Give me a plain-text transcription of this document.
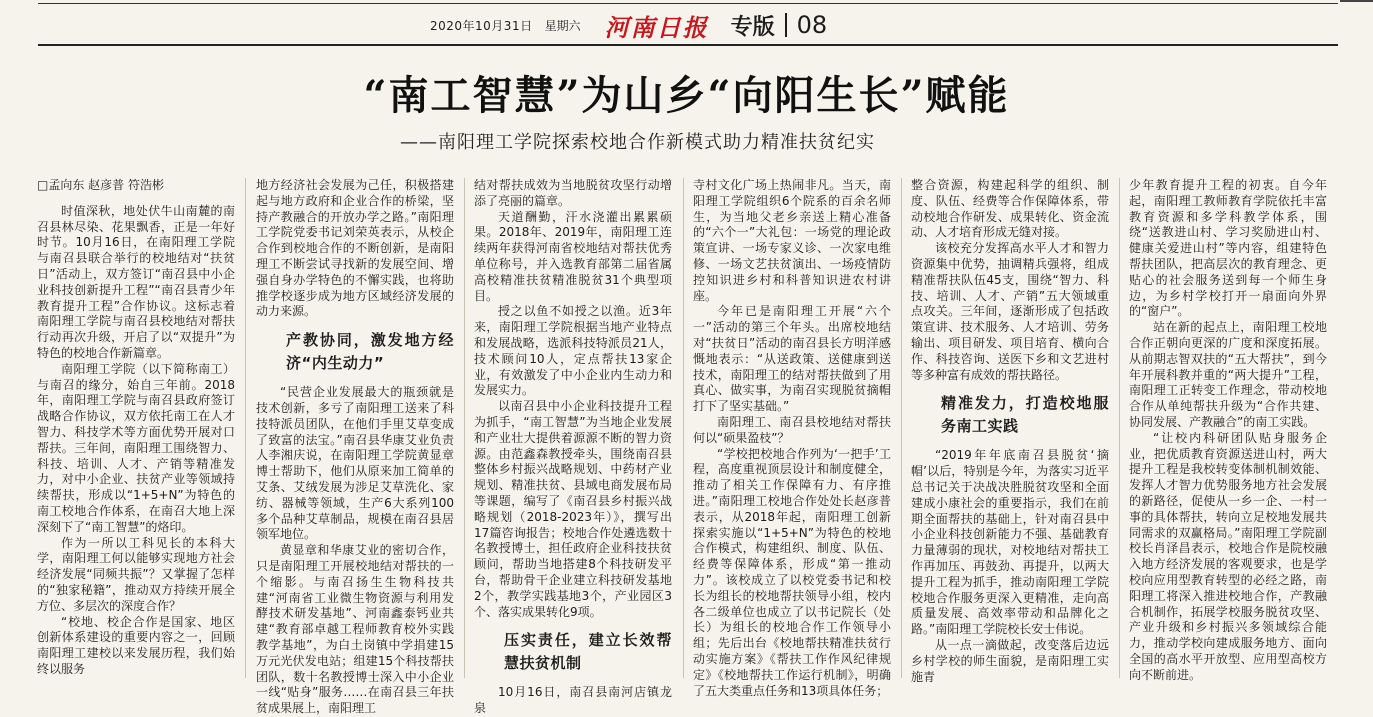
2020年10月31日 星期六 河南日报 专版 08
“南工智慧”为山乡“向阳生长”赋能
——南阳理工学院探索校地合作新模式助力精准扶贫纪实

□孟向东 赵彦普 符浩彬

时值深秋，地处伏牛山南麓的南召县林尽染、花果飘香，正是一年好时节。10月16日，在南阳理工学院与南召县联合举行的校地结对“扶贫日”活动上，双方签订“南召县中小企业科技创新提升工程”“南召县青少年教育提升工程”合作协议。这标志着南阳理工学院与南召县校地结对帮扶行动再次升级，开启了以“双提升”为特色的校地合作新篇章。

南阳理工学院（以下简称南工）与南召的缘分，始自三年前。2018年，南阳理工学院与南召县政府签订战略合作协议，双方依托南工在人才智力、科技学术等方面优势开展对口帮扶。三年间，南阳理工围绕智力、科技、培训、人才、产销等精准发力，对中小企业、扶贫产业等领域持续帮扶，形成以“1+5+N”为特色的南工校地合作体系，在南召大地上深深刻下了“南工智慧”的烙印。

作为一所以工科见长的本科大学，南阳理工何以能够实现地方社会经济发展“同频共振”？又掌握了怎样的“独家秘籍”，推动双方持续开展全方位、多层次的深度合作？

“校地、校企合作是国家、地区创新体系建设的重要内容之一，回顾南阳理工建校以来发展历程，我们始终以服务

地方经济社会发展为己任，积极搭建起与地方政府和企业合作的桥梁，坚持产教融合的开放办学之路。”南阳理工学院党委书记刘荣英表示，从校企合作到校地合作的不断创新，是南阳理工不断尝试寻找新的发展空间、增强自身办学特色的不懈实践，也将助推学校逐步成为地方区域经济发展的动力来源。

产教协同，激发地方经济“内生动力”

“民营企业发展最大的瓶颈就是技术创新，多亏了南阳理工送来了科技特派员团队，在他们手里艾草变成了致富的法宝。”南召县华康艾业负责人李湘庆说，在南阳理工学院黄显章博士帮助下，他们从原来加工简单的艾条、艾绒发展为涉足艾草洗化、家纺、器械等领域，生产6大系列100多个品种艾草制品，规模在南召县居领军地位。

黄显章和华康艾业的密切合作，只是南阳理工开展校地结对帮扶的一个缩影。与南召扬生生物科技共建“河南省工业微生物资源与利用发酵技术研发基地”、河南鑫泰钙业共建“教育部卓越工程师教育校外实践教学基地”，为白土岗镇中学捐建15万元光伏发电站；组建15个科技帮扶团队，数十名教授博士深入中小企业一线“贴身”服务……在南召县三年扶贫成果展上，南阳理工

结对帮扶成效为当地脱贫攻坚行动增添了亮丽的篇章。

天道酬勤，汗水浇灌出累累硕果。2018年、2019年，南阳理工连续两年获得河南省校地结对帮扶优秀单位称号，并入选教育部第二届省属高校精准扶贫精准脱贫31个典型项目。

授之以鱼不如授之以渔。近3年来，南阳理工学院根据当地产业特点和发展战略，选派科技特派员21人，技术顾问10人，定点帮扶13家企业，有效激发了中小企业内生动力和发展实力。

以南召县中小企业科技提升工程为抓手，“南工智慧”为当地企业发展和产业壮大提供着源源不断的智力资源。由范鑫森教授牵头，围绕南召县整体乡村振兴战略规划、中药材产业规划、精准扶贫、县域电商发展布局等课题，编写了《南召县乡村振兴战略规划（2018-2023年）》，撰写出17篇咨询报告；校地合作处遴选数十名教授博士，担任政府企业科技扶贫顾问，帮助当地搭建8个科技研发平台，帮助骨干企业建立科技研发基地2个，教学实践基地3个，产业园区3个、落实成果转化9项。

压实责任，建立长效帮慧扶贫机制

10月16日，南召县南河店镇龙泉

寺村文化广场上热闹非凡。当天，南阳理工学院组织6个院系的百余名师生，为当地父老乡亲送上精心准备的“六个一”大礼包：一场党的理论政策宣讲、一场专家义诊、一次家电维修、一场文艺扶贫演出、一场疫情防控知识进乡村和科普知识进农村讲座。

今年已是南阳理工开展“六个一”活动的第三个年头。出席校地结对“扶贫日”活动的南召县长方明洋感慨地表示：“从送政策、送健康到送技术，南阳理工的结对帮扶做到了用真心、做实事，为南召实现脱贫摘帽打下了坚实基础。”

南阳理工、南召县校地结对帮扶何以“硕果盈枝”？

“学校把校地合作列为‘一把手’工程，高度重视顶层设计和制度健全，推动了相关工作保障有力、有序推进。”南阳理工校地合作处处长赵彦普表示，从2018年起，南阳理工创新探索实施以“1+5+N”为特色的校地合作模式，构建组织、制度、队伍、经费等保障体系，形成“第一推动力”。该校成立了以校党委书记和校长为组长的校地帮扶领导小组，校内各二级单位也成立了以书记院长（处长）为组长的校地合作工作领导小组；先后出台《校地帮扶精准扶贫行动实施方案》《帮扶工作作风纪律规定》《校地帮扶工作运行机制》，明确了五大类重点任务和13项具体任务；

整合资源，构建起科学的组织、制度、队伍、经费等合作保障体系，带动校地合作研发、成果转化、资金流动、人才培育形成无缝对接。

该校充分发挥高水平人才和智力资源集中优势，抽调精兵强将，组成精准帮扶队伍45支，围绕“智力、科技、培训、人才、产销”五大领域重点攻关。三年间，逐渐形成了包括政策宣讲、技术服务、人才培训、劳务输出、项目研发、项目培育、横向合作、科技咨询、送医下乡和文艺进村等多种富有成效的帮扶路径。

精准发力，打造校地服务南工实践

“2019年年底南召县脱贫‘摘帽’以后，特别是今年，为落实习近平总书记关于决战决胜脱贫攻坚和全面建成小康社会的重要指示，我们在前期全面帮扶的基础上，针对南召县中小企业科技创新能力不强、基础教育力量薄弱的现状，对校地结对帮扶工作再加压、再鼓劲、再提升，以两大提升工程为抓手，推动南阳理工学院校地合作服务更深入更精准，走向高质量发展、高效率带动和品牌化之路。”南阳理工学院校长安士伟说。

从一点一滴做起，改变落后边远乡村学校的师生面貌，是南阳理工实施青

少年教育提升工程的初衷。自今年起，南阳理工教师教育学院依托丰富教育资源和多学科教学体系，围绕“送教进山村、学习奖励进山村、健康关爱进山村”等内容，组建特色帮扶团队，把高层次的教育理念、更贴心的社会服务送到每一个师生身边，为乡村学校打开一扇面向外界的“窗户”。

站在新的起点上，南阳理工校地合作正朝向更深的广度和深度拓展。从前期志智双扶的“五大帮扶”，到今年开展科教并重的“两大提升”工程，南阳理工正转变工作理念，带动校地合作从单纯帮扶升级为“合作共建、协同发展、产教融合”的南工实践。

“让校内科研团队贴身服务企业，把优质教育资源送进山村，两大提升工程是我校转变体制机制效能、发挥人才智力优势服务地方社会发展的新路径，促使从一乡一企、一村一事的具体帮扶，转向立足校地发展共同需求的双赢格局。”南阳理工学院副校长肖泽昌表示，校地合作是院校融入地方经济发展的客观要求，也是学校向应用型教育转型的必经之路，南阳理工将深入推进校地合作，产教融合机制作，拓展学校服务脱贫攻坚、产业升级和乡村振兴多领域综合能力，推动学校向建成服务地方、面向全国的高水平开放型、应用型高校方向不断前进。
